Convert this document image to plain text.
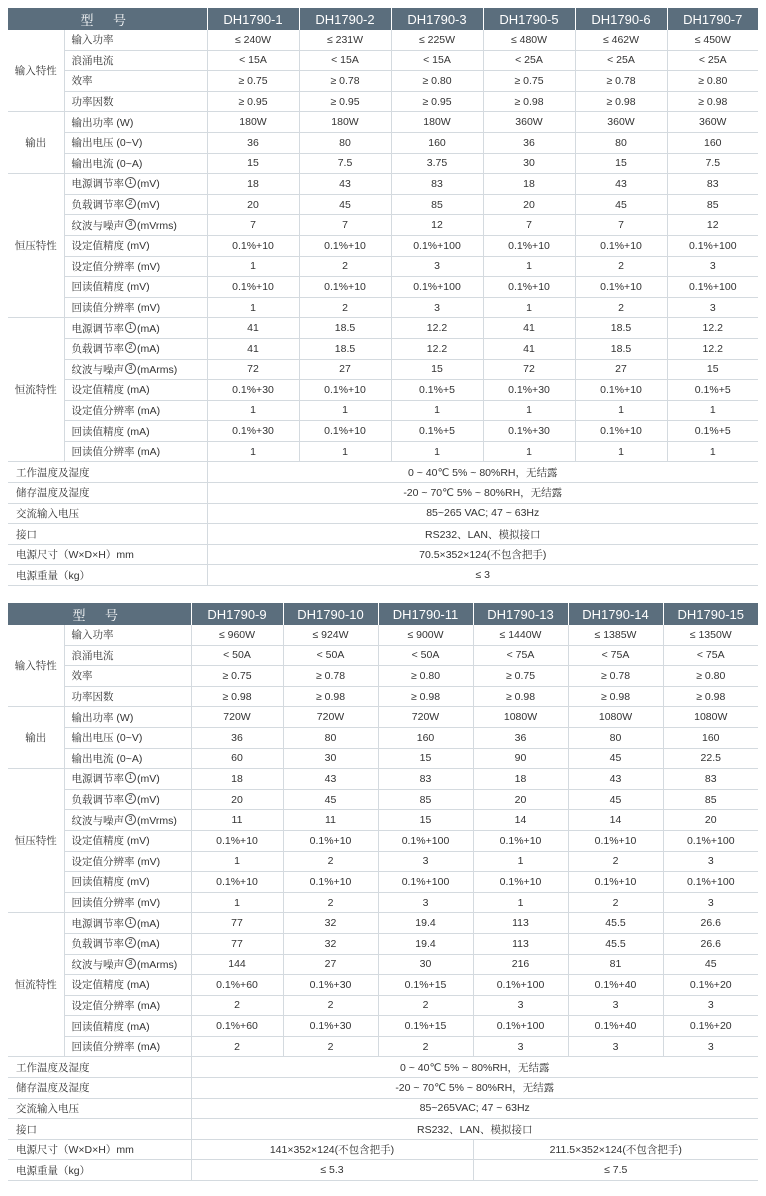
型 号		DH1790-1	DH1790-2	DH1790-3	DH1790-5	DH1790-6	DH1790-7
输入特性	输入功率	≤ 240W	≤ 231W	≤ 225W	≤ 480W	≤ 462W	≤ 450W
	浪涌电流	< 15A	< 15A	< 15A	< 25A	< 25A	< 25A
	效率	≥ 0.75	≥ 0.78	≥ 0.80	≥ 0.75	≥ 0.78	≥ 0.80
	功率因数	≥ 0.95	≥ 0.95	≥ 0.95	≥ 0.98	≥ 0.98	≥ 0.98
输出	输出功率 (W)	180W	180W	180W	360W	360W	360W
	输出电压 (0~V)	36	80	160	36	80	160
	输出电流 (0~A)	15	7.5	3.75	30	15	7.5
恒压特性	电源调节率 1 (mV)	18	43	83	18	43	83
	负载调节率 2 (mV)	20	45	85	20	45	85
	纹波与噪声 3 (mVrms)	7	7	12	7	7	12
	设定值精度 (mV)	0.1%+10	0.1%+10	0.1%+100	0.1%+10	0.1%+10	0.1%+100
	设定值分辨率 (mV)	1	2	3	1	2	3
	回读值精度 (mV)	0.1%+10	0.1%+10	0.1%+100	0.1%+10	0.1%+10	0.1%+100
	回读值分辨率 (mV)	1	2	3	1	2	3
恒流特性	电源调节率 1 (mA)	41	18.5	12.2	41	18.5	12.2
	负载调节率 2 (mA)	41	18.5	12.2	41	18.5	12.2
	纹波与噪声 3 (mArms)	72	27	15	72	27	15
	设定值精度 (mA)	0.1%+30	0.1%+10	0.1%+5	0.1%+30	0.1%+10	0.1%+5
	设定值分辨率 (mA)	1	1	1	1	1	1
	回读值精度 (mA)	0.1%+30	0.1%+10	0.1%+5	0.1%+30	0.1%+10	0.1%+5
	回读值分辨率 (mA)	1	1	1	1	1	1
工作温度及湿度		0 ~ 40℃ 5% ~ 80%RH，无结露					
储存温度及湿度		-20 ~ 70℃ 5% ~ 80%RH，无结露					
交流输入电压		85~265 VAC; 47 ~ 63Hz					
接口		RS232、LAN、模拟接口					
电源尺寸（W×D×H）mm		70.5×352×124(不包含把手)					
电源重量（kg）		≤ 3					
型 号		DH1790-9	DH1790-10	DH1790-11	DH1790-13	DH1790-14	DH1790-15
输入特性	输入功率	≤ 960W	≤ 924W	≤ 900W	≤ 1440W	≤ 1385W	≤ 1350W
	浪涌电流	< 50A	< 50A	< 50A	< 75A	< 75A	< 75A
	效率	≥ 0.75	≥ 0.78	≥ 0.80	≥ 0.75	≥ 0.78	≥ 0.80
	功率因数	≥ 0.98	≥ 0.98	≥ 0.98	≥ 0.98	≥ 0.98	≥ 0.98
输出	输出功率 (W)	720W	720W	720W	1080W	1080W	1080W
	输出电压 (0~V)	36	80	160	36	80	160
	输出电流 (0~A)	60	30	15	90	45	22.5
恒压特性	电源调节率 1 (mV)	18	43	83	18	43	83
	负载调节率 2 (mV)	20	45	85	20	45	85
	纹波与噪声 3 (mVrms)	11	11	15	14	14	20
	设定值精度 (mV)	0.1%+10	0.1%+10	0.1%+100	0.1%+10	0.1%+10	0.1%+100
	设定值分辨率 (mV)	1	2	3	1	2	3
	回读值精度 (mV)	0.1%+10	0.1%+10	0.1%+100	0.1%+10	0.1%+10	0.1%+100
	回读值分辨率 (mV)	1	2	3	1	2	3
恒流特性	电源调节率 1 (mA)	77	32	19.4	113	45.5	26.6
	负载调节率 2 (mA)	77	32	19.4	113	45.5	26.6
	纹波与噪声 3 (mArms)	144	27	30	216	81	45
	设定值精度 (mA)	0.1%+60	0.1%+30	0.1%+15	0.1%+100	0.1%+40	0.1%+20
	设定值分辨率 (mA)	2	2	2	3	3	3
	回读值精度 (mA)	0.1%+60	0.1%+30	0.1%+15	0.1%+100	0.1%+40	0.1%+20
	回读值分辨率 (mA)	2	2	2	3	3	3
工作温度及湿度		0 ~ 40℃ 5% ~ 80%RH，无结露					
储存温度及湿度		-20 ~ 70℃ 5% ~ 80%RH，无结露					
交流输入电压		85~265VAC; 47 ~ 63Hz					
接口		RS232、LAN、模拟接口					
电源尺寸（W×D×H）mm		141×352×124(不包含把手)			211.5×352×124(不包含把手)		
电源重量（kg）		≤ 5.3			≤ 7.5		
